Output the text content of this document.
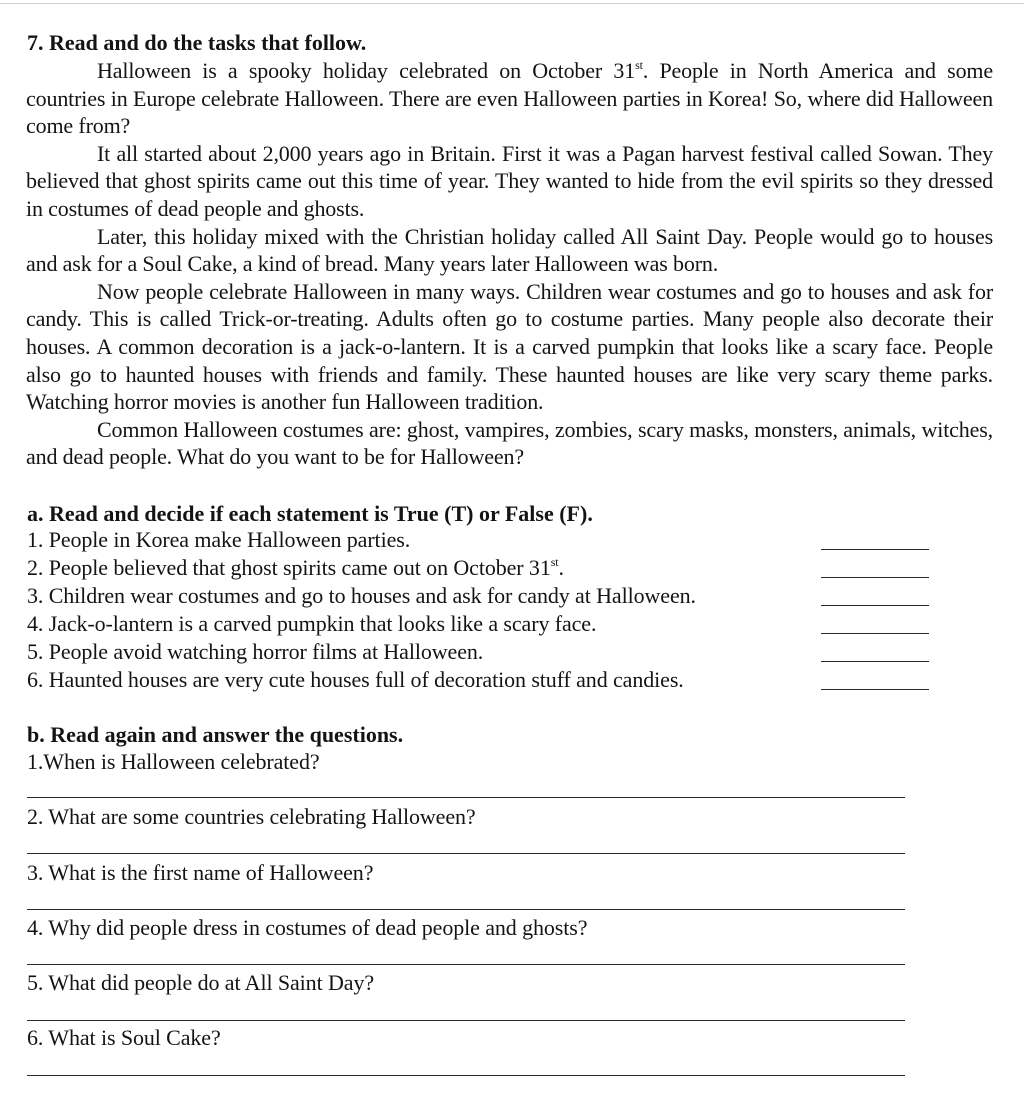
7. Read and do the tasks that follow.

Halloween is a spooky holiday celebrated on October 31st. People in North America and some countries in Europe celebrate Halloween. There are even Halloween parties in Korea! So, where did Halloween come from?

It all started about 2,000 years ago in Britain. First it was a Pagan harvest festival called Sowan. They believed that ghost spirits came out this time of year. They wanted to hide from the evil spirits so they dressed in costumes of dead people and ghosts.

Later, this holiday mixed with the Christian holiday called All Saint Day. People would go to houses and ask for a Soul Cake, a kind of bread. Many years later Halloween was born.

Now people celebrate Halloween in many ways. Children wear costumes and go to houses and ask for candy. This is called Trick-or-treating. Adults often go to costume parties. Many people also decorate their houses. A common decoration is a jack-o-lantern. It is a carved pumpkin that looks like a scary face. People also go to haunted houses with friends and family. These haunted houses are like very scary theme parks. Watching horror movies is another fun Halloween tradition.

Common Halloween costumes are: ghost, vampires, zombies, scary masks, monsters, animals, witches, and dead people. What do you want to be for Halloween?

a. Read and decide if each statement is True (T) or False (F).
1. People in Korea make Halloween parties.
2. People believed that ghost spirits came out on October 31st.
3. Children wear costumes and go to houses and ask for candy at Halloween.
4. Jack-o-lantern is a carved pumpkin that looks like a scary face.
5. People avoid watching horror films at Halloween.
6. Haunted houses are very cute houses full of decoration stuff and candies.
b. Read again and answer the questions.

1.When is Halloween celebrated?

2. What are some countries celebrating Halloween?

3. What is the first name of Halloween?

4. Why did people dress in costumes of dead people and ghosts?

5. What did people do at All Saint Day?

6. What is Soul Cake?
